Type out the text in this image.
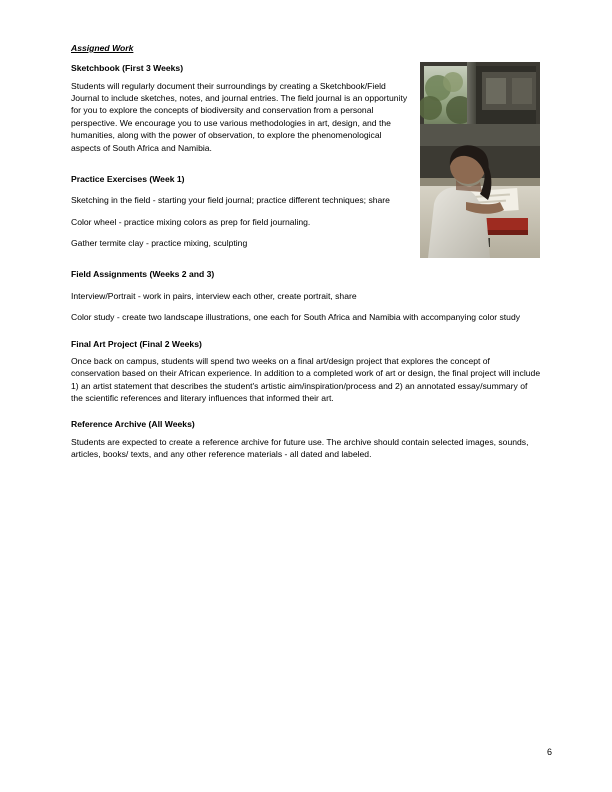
Assigned Work

Sketchbook (First 3 Weeks)

Students will regularly document their surroundings by creating a Sketchbook/Field Journal to include sketches, notes, and journal entries. The field journal is an opportunity for you to explore the concepts of biodiversity and conservation from a personal perspective. We encourage you to use various methodologies in art, design, and the humanities, along with the power of observation, to explore the phenomenological aspects of South Africa and Namibia.

Practice Exercises (Week 1)

Sketching in the field - starting your field journal; practice different techniques; share

Color wheel - practice mixing colors as prep for field journaling.

Gather termite clay - practice mixing, sculpting

Field Assignments (Weeks 2 and 3)

Interview/Portrait - work in pairs, interview each other, create portrait, share

Color study - create two landscape illustrations, one each for South Africa and Namibia with accompanying color study

Final Art Project (Final 2 Weeks)

Once back on campus, students will spend two weeks on a final art/design project that explores the concept of conservation based on their African experience. In addition to a completed work of art or design, the final project will include 1) an artist statement that describes the student's artistic aim/inspiration/process and 2) an annotated essay/summary of the scientific references and literary influences that informed their art.

Reference Archive (All Weeks)

Students are expected to create a reference archive for future use. The archive should contain selected images, sounds, articles, books/ texts, and any other reference materials - all dated and labeled.

6
